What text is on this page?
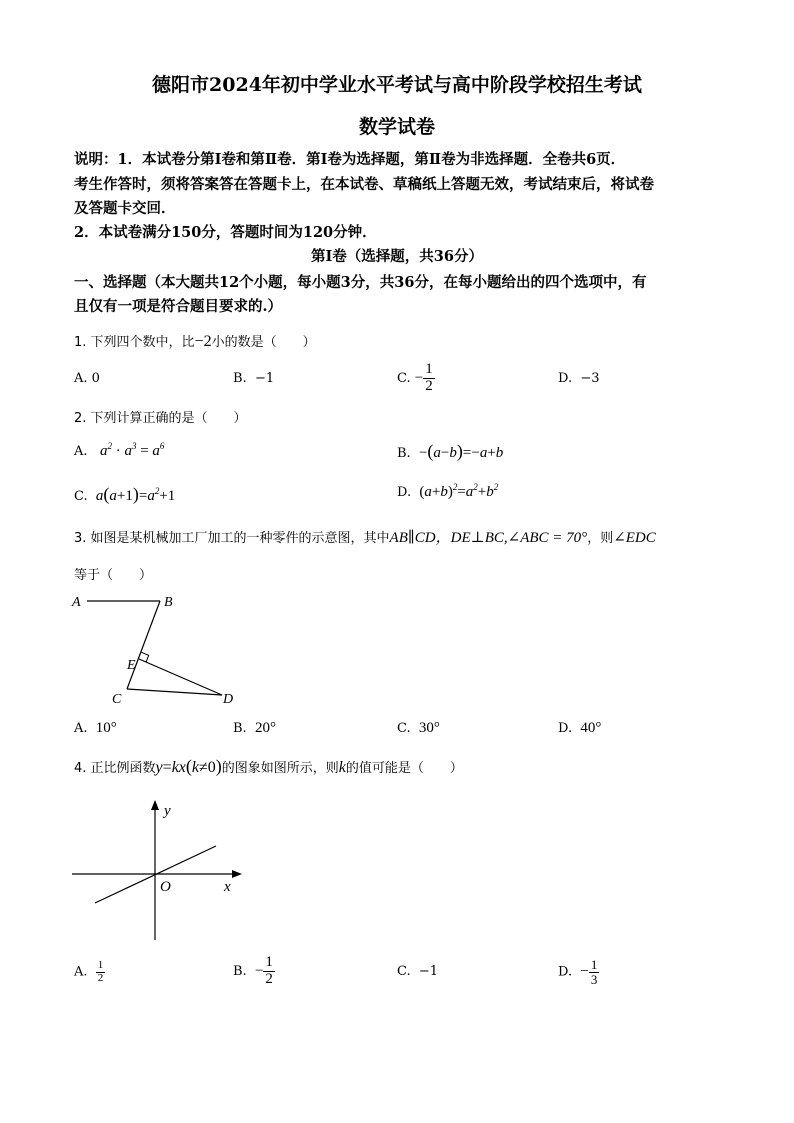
德阳市2024年初中学业水平考试与高中阶段学校招生考试
数学试卷
说明：1．本试卷分第Ⅰ卷和第Ⅱ卷．第Ⅰ卷为选择题，第Ⅱ卷为非选择题．全卷共6页．
考生作答时，须将答案答在答题卡上，在本试卷、草稿纸上答题无效，考试结束后，将试卷
及答题卡交回．
2．本试卷满分150分，答题时间为120分钟．
第Ⅰ卷（选择题，共36分）
一、选择题（本大题共12个小题，每小题3分，共36分，在每小题给出的四个选项中，有
且仅有一项是符合题目要求的.）
1. 下列四个数中，比−2小的数是（　　）
A. 0	B. −1	C. − $\frac{1}{2}$	D. −3
2. 下列计算正确的是（　　）
A. $a^2 \cdot a^3 = a^6$	B. −(a−b)=−a+b
C. $a(a+1)=a^2+1$	D. $(a+b)^2=a^2+b^2$
3. 如图是某机械加工厂加工的一种零件的示意图，其中AB∥CD，DE⊥BC,∠ABC = 70°，则∠EDC
等于（　　）
A	B
E
C	D
A. 10°	B. 20°	C. 30°	D. 40°
4. 正比例函数y=kx(k≠0)的图象如图所示，则k的值可能是（　　）
y
x
O
A. $\frac{1}{2}$	B. − $\frac{1}{2}$	C. −1	D. − $\frac{1}{3}$
